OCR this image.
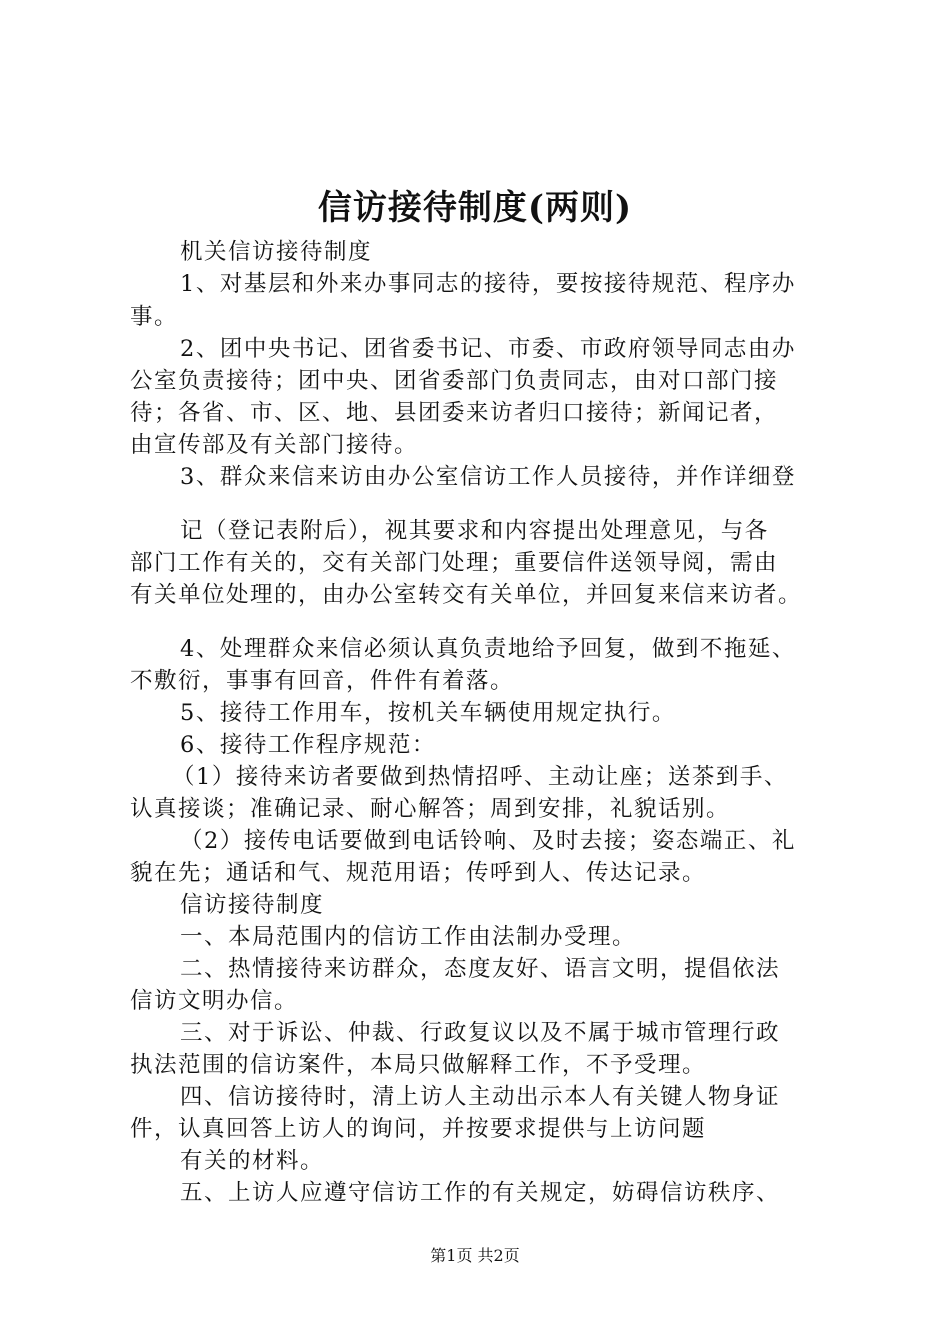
信访接待制度(两则)
机关信访接待制度
1、对基层和外来办事同志的接待，要按接待规范、程序办
事。
2、团中央书记、团省委书记、市委、市政府领导同志由办
公室负责接待；团中央、团省委部门负责同志，由对口部门接
待；各省、市、区、地、县团委来访者归口接待；新闻记者，
由宣传部及有关部门接待。
3、群众来信来访由办公室信访工作人员接待，并作详细登
记（登记表附后），视其要求和内容提出处理意见，与各
部门工作有关的，交有关部门处理；重要信件送领导阅，需由
有关单位处理的，由办公室转交有关单位，并回复来信来访者。
4、处理群众来信必须认真负责地给予回复，做到不拖延、
不敷衍，事事有回音，件件有着落。
5、接待工作用车，按机关车辆使用规定执行。
6、接待工作程序规范：
（1）接待来访者要做到热情招呼、主动让座；送茶到手、
认真接谈；准确记录、耐心解答；周到安排，礼貌话别。
（2）接传电话要做到电话铃响、及时去接；姿态端正、礼
貌在先；通话和气、规范用语；传呼到人、传达记录。
信访接待制度
一、本局范围内的信访工作由法制办受理。
二、热情接待来访群众，态度友好、语言文明，提倡依法
信访文明办信。
三、对于诉讼、仲裁、行政复议以及不属于城市管理行政
执法范围的信访案件，本局只做解释工作，不予受理。
四、信访接待时，清上访人主动出示本人有关键人物身证
件，认真回答上访人的询问，并按要求提供与上访问题
有关的材料。
五、上访人应遵守信访工作的有关规定，妨碍信访秩序、
第1页 共2页
